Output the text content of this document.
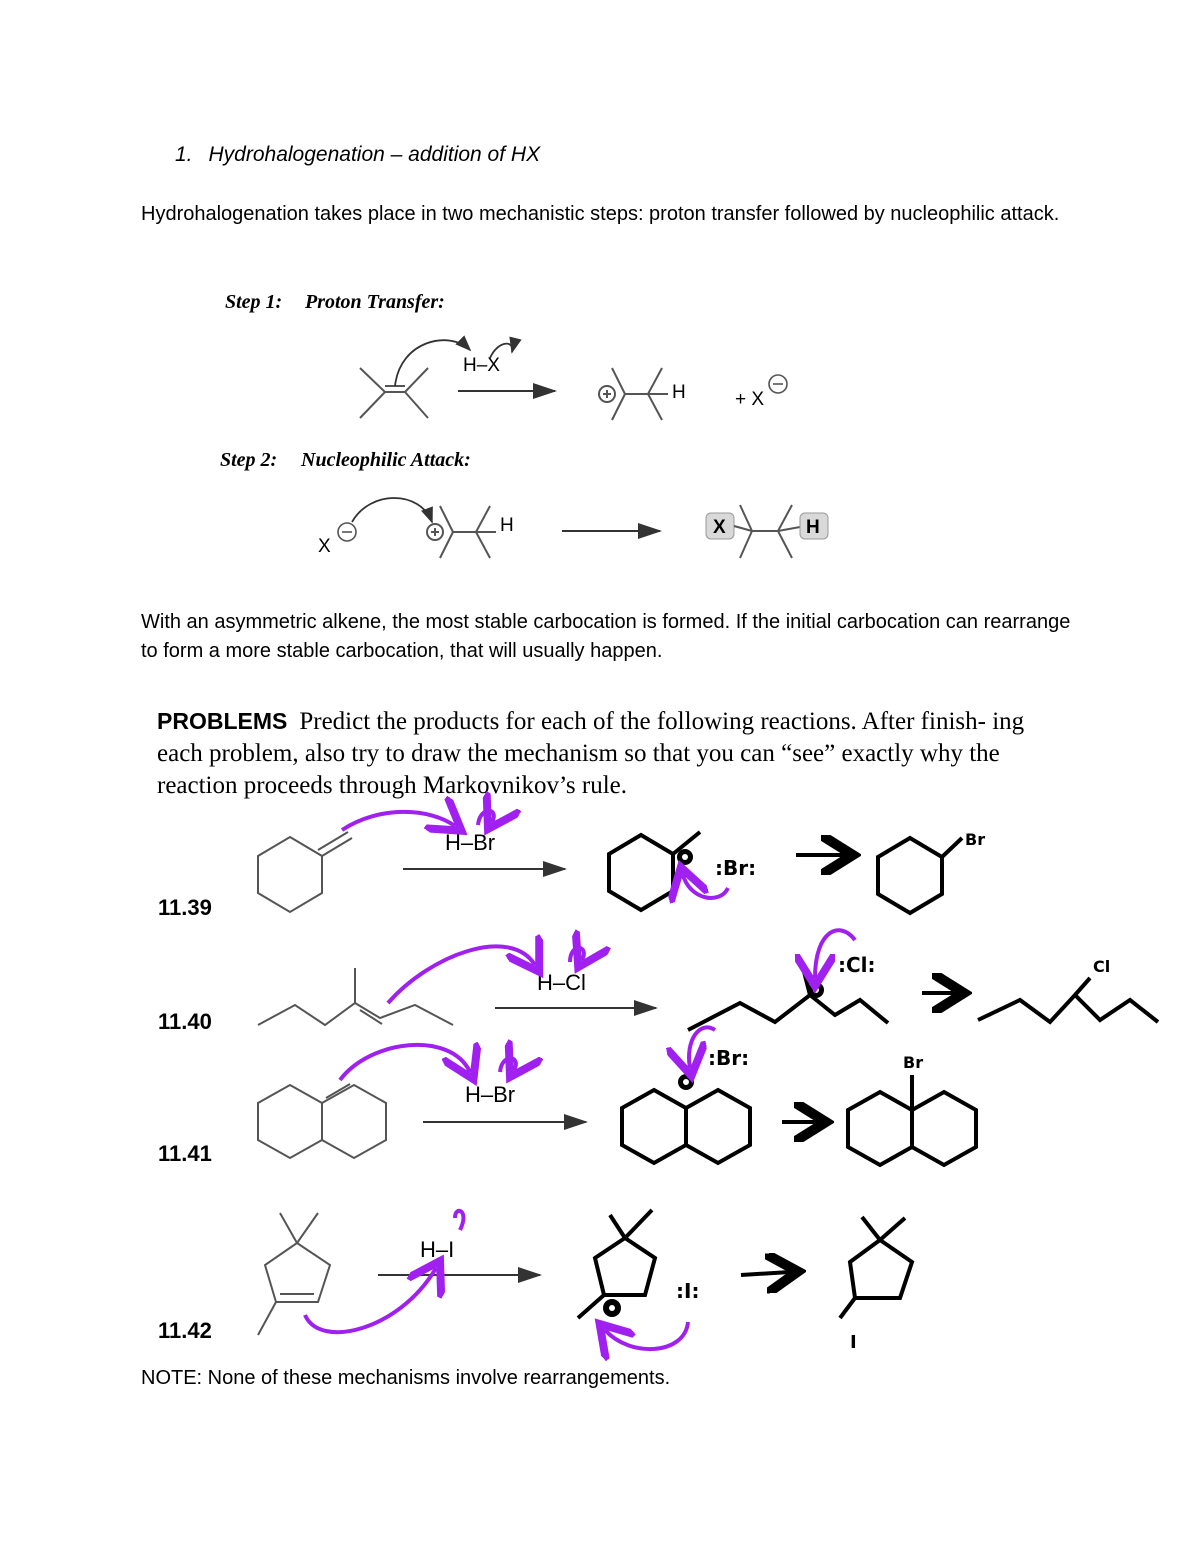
1. Hydrohalogenation – addition of HX
Hydrohalogenation takes place in two mechanistic steps: proton transfer followed by nucleophilic attack.
Step 1: Proton Transfer:
H–X
H	+ X
Step 2: Nucleophilic Attack:
X
H	X	H
With an asymmetric alkene, the most stable carbocation is formed. If the initial carbocation can rearrange to form a more stable carbocation, that will usually happen.
PROBLEMS Predict the products for each of the following reactions. After finish- ing each problem, also try to draw the mechanism so that you can “see” exactly why the reaction proceeds through Markovnikov’s rule.
11.39
H–Br
:Br:
Br
11.40
H–Cl
:Cl:	Cl
11.41
H–Br
:Br:	Br
11.42
H–I
:I:
I
NOTE: None of these mechanisms involve rearrangements.
